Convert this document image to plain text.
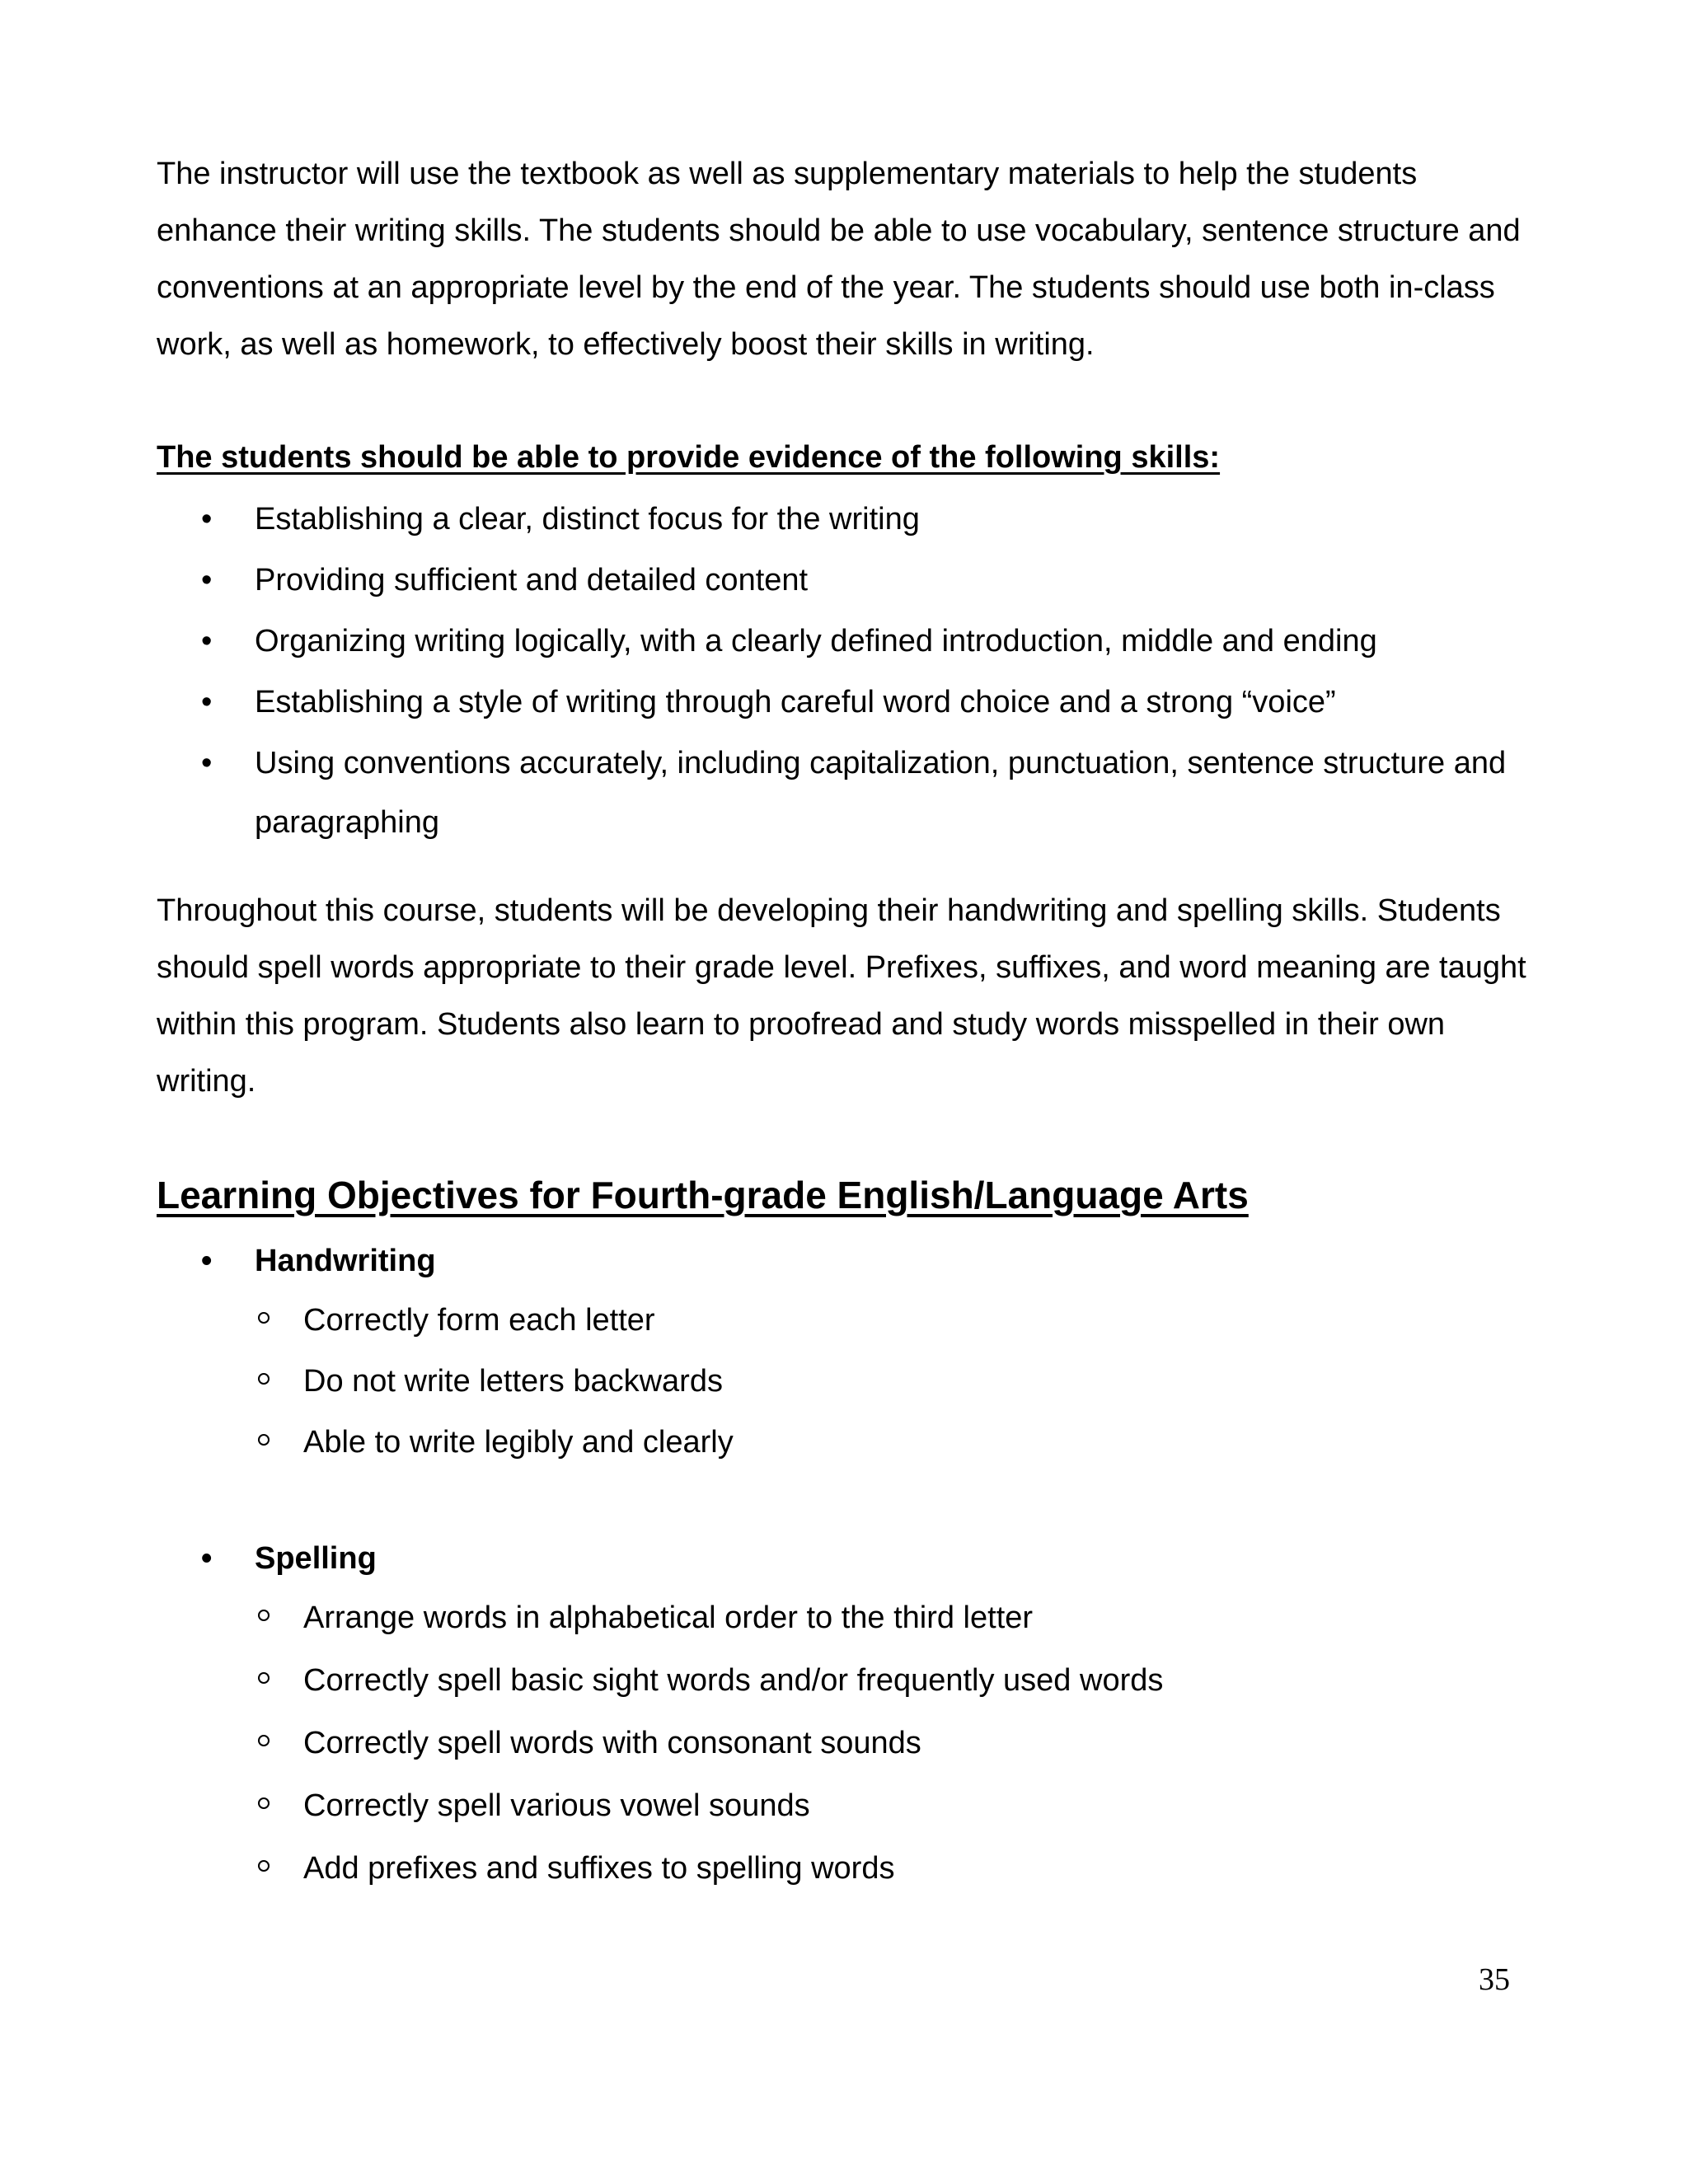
The instructor will use the textbook as well as supplementary materials to help the students enhance their writing skills. The students should be able to use vocabulary, sentence structure and conventions at an appropriate level by the end of the year. The students should use both in-class work, as well as homework, to effectively boost their skills in writing.

The students should be able to provide evidence of the following skills:
• Establishing a clear, distinct focus for the writing
• Providing sufficient and detailed content
• Organizing writing logically, with a clearly defined introduction, middle and ending
• Establishing a style of writing through careful word choice and a strong “voice”
• Using conventions accurately, including capitalization, punctuation, sentence structure and paragraphing

Throughout this course, students will be developing their handwriting and spelling skills. Students should spell words appropriate to their grade level. Prefixes, suffixes, and word meaning are taught within this program. Students also learn to proofread and study words misspelled in their own writing.

Learning Objectives for Fourth-grade English/Language Arts
• Handwriting
Correctly form each letter
Do not write letters backwards
Able to write legibly and clearly
• Spelling
Arrange words in alphabetical order to the third letter
Correctly spell basic sight words and/or frequently used words
Correctly spell words with consonant sounds
Correctly spell various vowel sounds
Add prefixes and suffixes to spelling words
35
